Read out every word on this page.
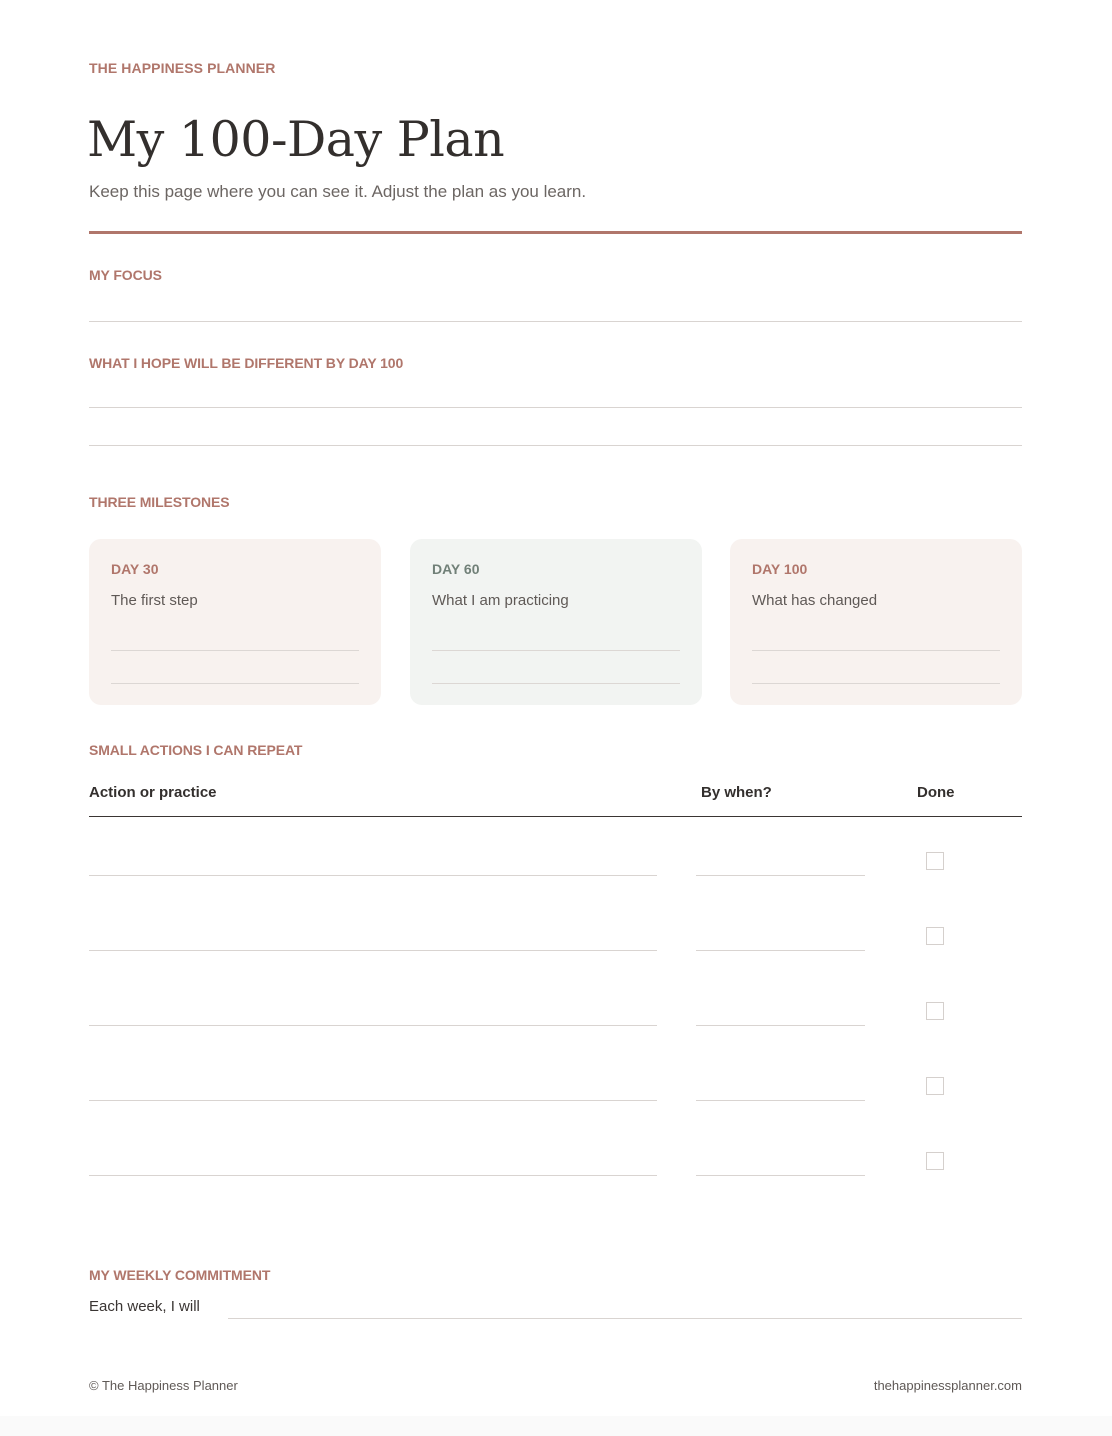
THE HAPPINESS PLANNER
My 100-Day Plan
Keep this page where you can see it. Adjust the plan as you learn.
MY FOCUS
WHAT I HOPE WILL BE DIFFERENT BY DAY 100
THREE MILESTONES
DAY 30
The first step
DAY 60
What I am practicing
DAY 100
What has changed
SMALL ACTIONS I CAN REPEAT
Action or practice	By when?	Done
MY WEEKLY COMMITMENT
Each week, I will
© The Happiness Planner	thehappinessplanner.com
